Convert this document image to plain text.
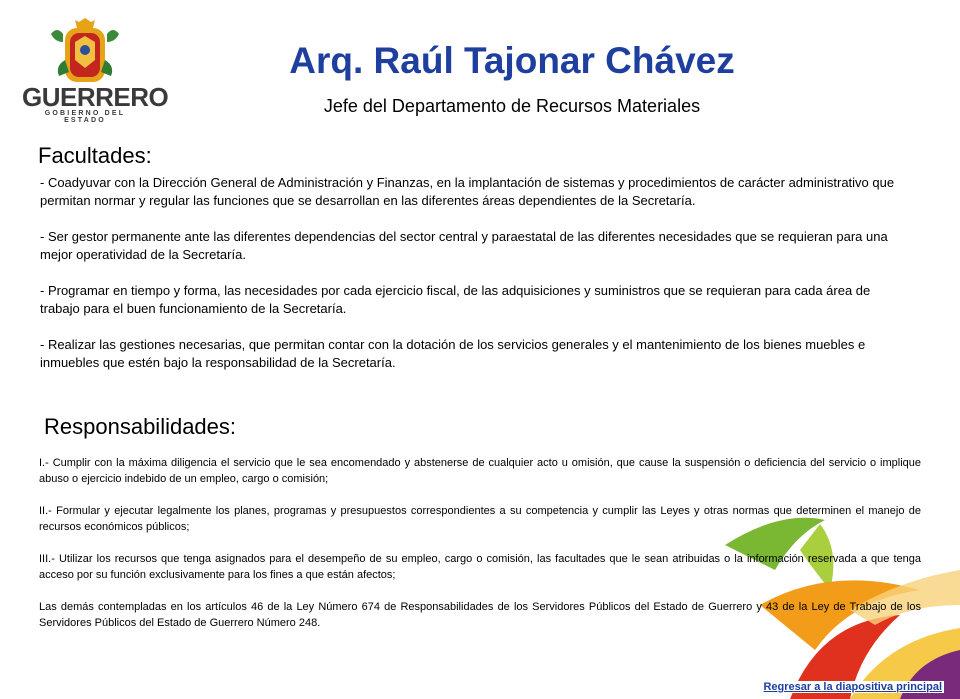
GUERRERO
GOBIERNO DEL ESTADO
Arq. Raúl Tajonar Chávez
Jefe del Departamento de Recursos Materiales
Facultades:

- Coadyuvar con la Dirección General de Administración y Finanzas, en la implantación de sistemas y procedimientos de carácter administrativo que permitan normar y regular las funciones que se desarrollan en las diferentes áreas dependientes de la Secretaría.

- Ser gestor permanente ante las diferentes dependencias del sector central y paraestatal de las diferentes necesidades que se requieran para una mejor operatividad de la Secretaría.

- Programar en tiempo y forma, las necesidades por cada ejercicio fiscal, de las adquisiciones y suministros que se requieran para cada área de trabajo para el buen funcionamiento de la Secretaría.

- Realizar las gestiones necesarias, que permitan contar con la dotación de los servicios generales y el mantenimiento de los bienes muebles e inmuebles que estén bajo la responsabilidad de la Secretaría.

Responsabilidades:

I.- Cumplir con la máxima diligencia el servicio que le sea encomendado y abstenerse de cualquier acto u omisión, que cause la suspensión o deficiencia del servicio o implique abuso o ejercicio indebido de un empleo, cargo o comisión;

II.- Formular y ejecutar legalmente los planes, programas y presupuestos correspondientes a su competencia y cumplir las Leyes y otras normas que determinen el manejo de recursos económicos públicos;

III.- Utilizar los recursos que tenga asignados para el desempeño de su empleo, cargo o comisión, las facultades que le sean atribuidas o la información reservada a que tenga acceso por su función exclusivamente para los fines a que están afectos;

Las demás contempladas en los artículos 46 de la Ley Número 674 de Responsabilidades de los Servidores Públicos del Estado de Guerrero y 43 de la Ley de Trabajo de los Servidores Públicos del Estado de Guerrero Número 248.

Regresar a la diapositiva principal
